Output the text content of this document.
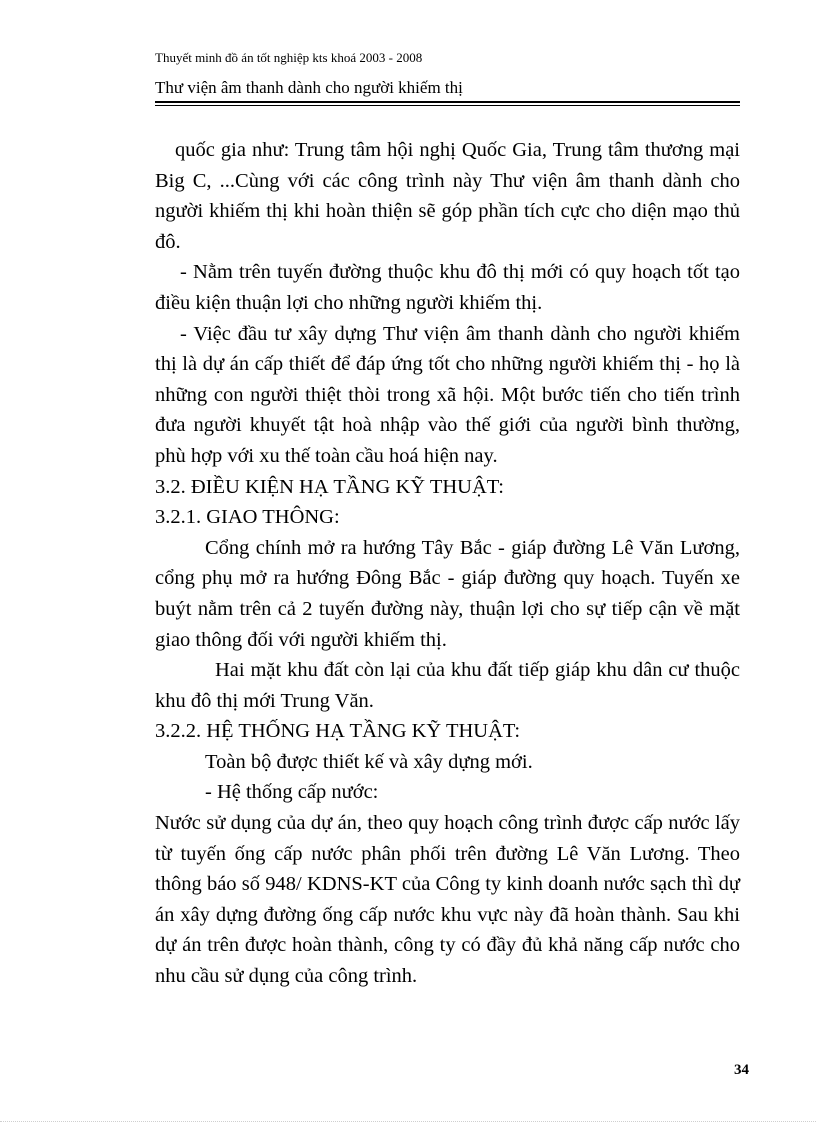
Thuyết minh đồ án tốt nghiệp kts khoá 2003 - 2008
Thư viện âm thanh dành cho người khiếm thị

quốc gia như: Trung tâm hội nghị Quốc Gia, Trung tâm thương mại Big C, ...Cùng với các công trình này Thư viện âm thanh dành cho người khiếm thị khi hoàn thiện sẽ góp phần tích cực cho diện mạo thủ đô.

- Nằm trên tuyến đường thuộc khu đô thị mới có quy hoạch tốt tạo điều kiện thuận lợi cho những người khiếm thị.

- Việc đầu tư xây dựng Thư viện âm thanh dành cho người khiếm thị là dự án cấp thiết để đáp ứng tốt cho những người khiếm thị - họ là những con người thiệt thòi trong xã hội. Một bước tiến cho tiến trình đưa người khuyết tật hoà nhập vào thế giới của người bình thường, phù hợp với xu thế toàn cầu hoá hiện nay.

3.2. ĐIỀU KIỆN HẠ TẦNG KỸ THUẬT:

3.2.1. GIAO THÔNG:

Cổng chính mở ra hướng Tây Bắc - giáp đường Lê Văn Lương, cổng phụ mở ra hướng Đông Bắc - giáp đường quy hoạch. Tuyến xe buýt nằm trên cả 2 tuyến đường này, thuận lợi cho sự tiếp cận về mặt giao thông đối với người khiếm thị.

Hai mặt khu đất còn lại của khu đất tiếp giáp khu dân cư thuộc khu đô thị mới Trung Văn.

3.2.2. HỆ THỐNG HẠ TẦNG KỸ THUẬT:

Toàn bộ được thiết kế và xây dựng mới.

- Hệ thống cấp nước:

Nước sử dụng của dự án, theo quy hoạch công trình được cấp nước lấy từ tuyến ống cấp nước phân phối trên đường Lê Văn Lương. Theo thông báo số 948/ KDNS-KT của Công ty kinh doanh nước sạch thì dự án xây dựng đường ống cấp nước khu vực này đã hoàn thành. Sau khi dự án trên được hoàn thành, công ty có đầy đủ khả năng cấp nước cho nhu cầu sử dụng của công trình.

34
